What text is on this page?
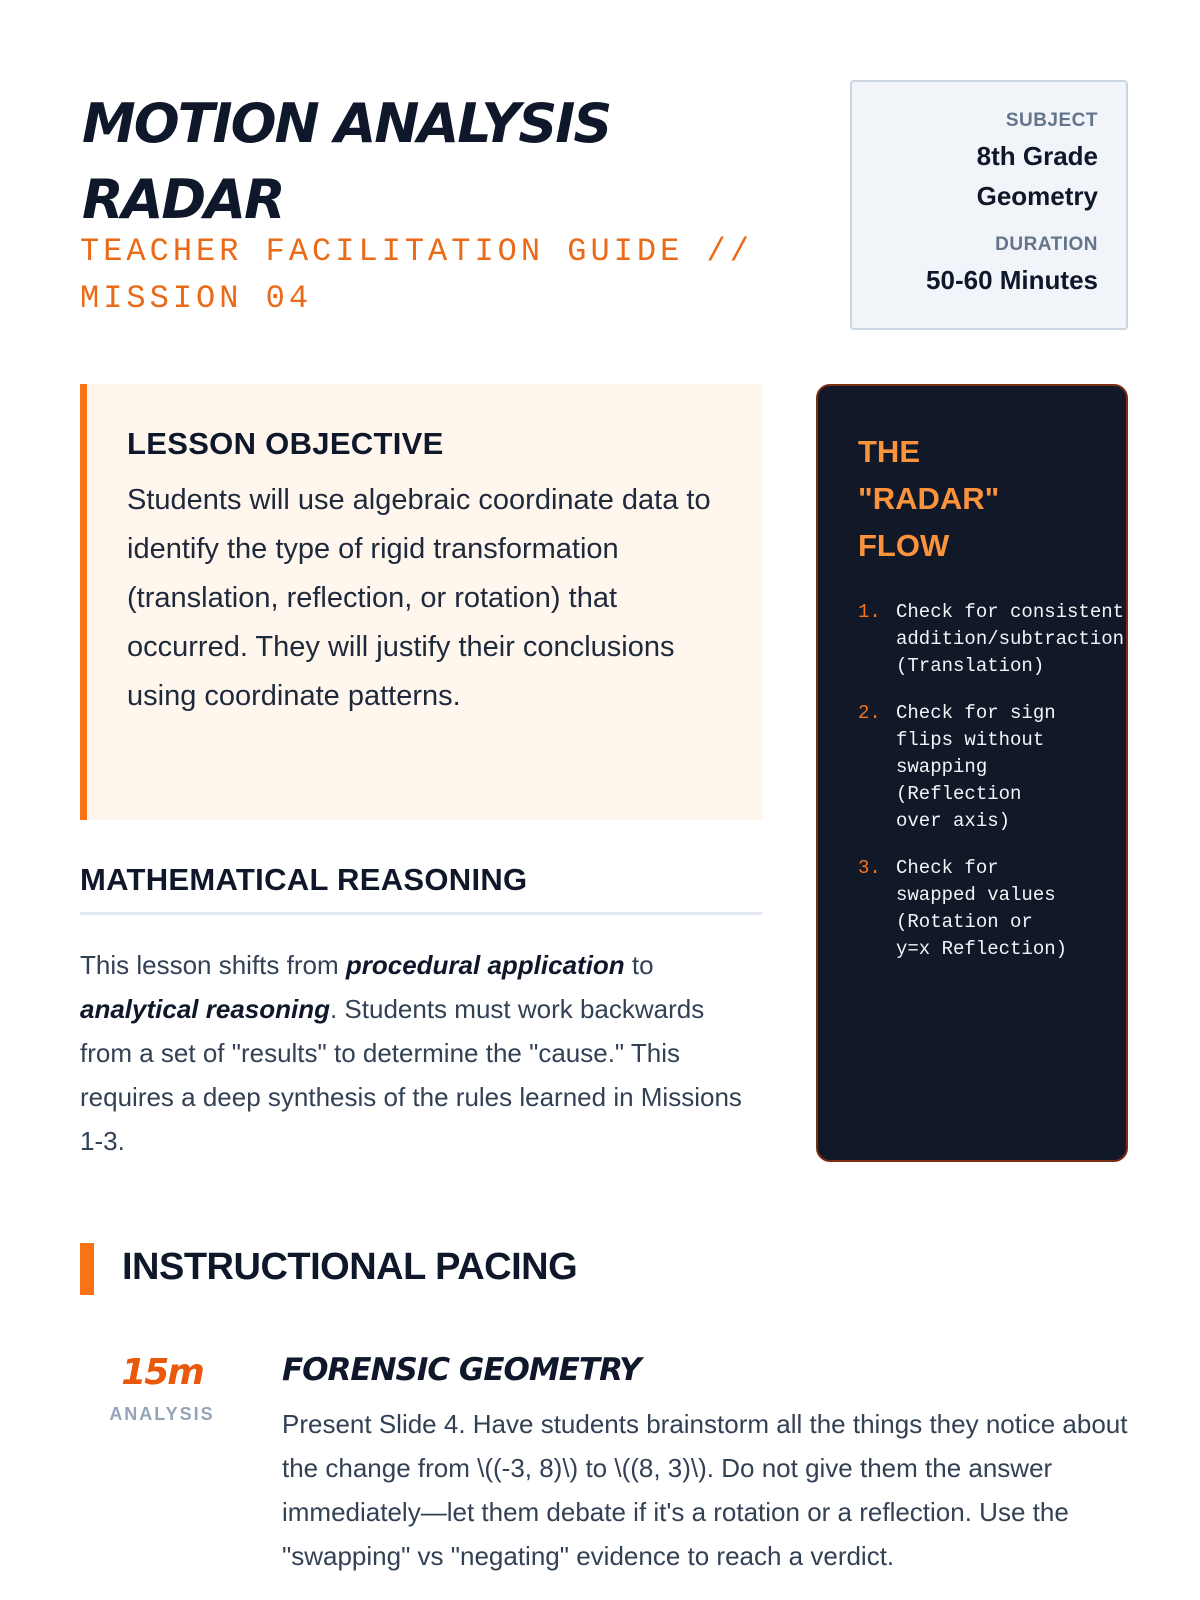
MOTION ANALYSIS RADAR
TEACHER FACILITATION GUIDE // MISSION 04
SUBJECT
8th Grade Geometry
DURATION
50-60 Minutes
LESSON OBJECTIVE

Students will use algebraic coordinate data to identify the type of rigid transformation (translation, reflection, or rotation) that occurred. They will justify their conclusions using coordinate patterns.

MATHEMATICAL REASONING

This lesson shifts from procedural application to analytical reasoning. Students must work backwards from a set of "results" to determine the "cause." This requires a deep synthesis of the rules learned in Missions 1-3.

THE "RADAR" FLOW
1. Check for consistent
addition/subtraction
(Translation)
2. Check for sign
flips without
swapping
(Reflection
over axis)
3. Check for
swapped values
(Rotation or
y=x Reflection)
INSTRUCTIONAL PACING
15m
ANALYSIS
FORENSIC GEOMETRY
Present Slide 4. Have students brainstorm all the things they notice about the change from \((-3, 8)\) to \((8, 3)\). Do not give them the answer immediately—let them debate if it's a rotation or a reflection. Use the "swapping" vs "negating" evidence to reach a verdict.
